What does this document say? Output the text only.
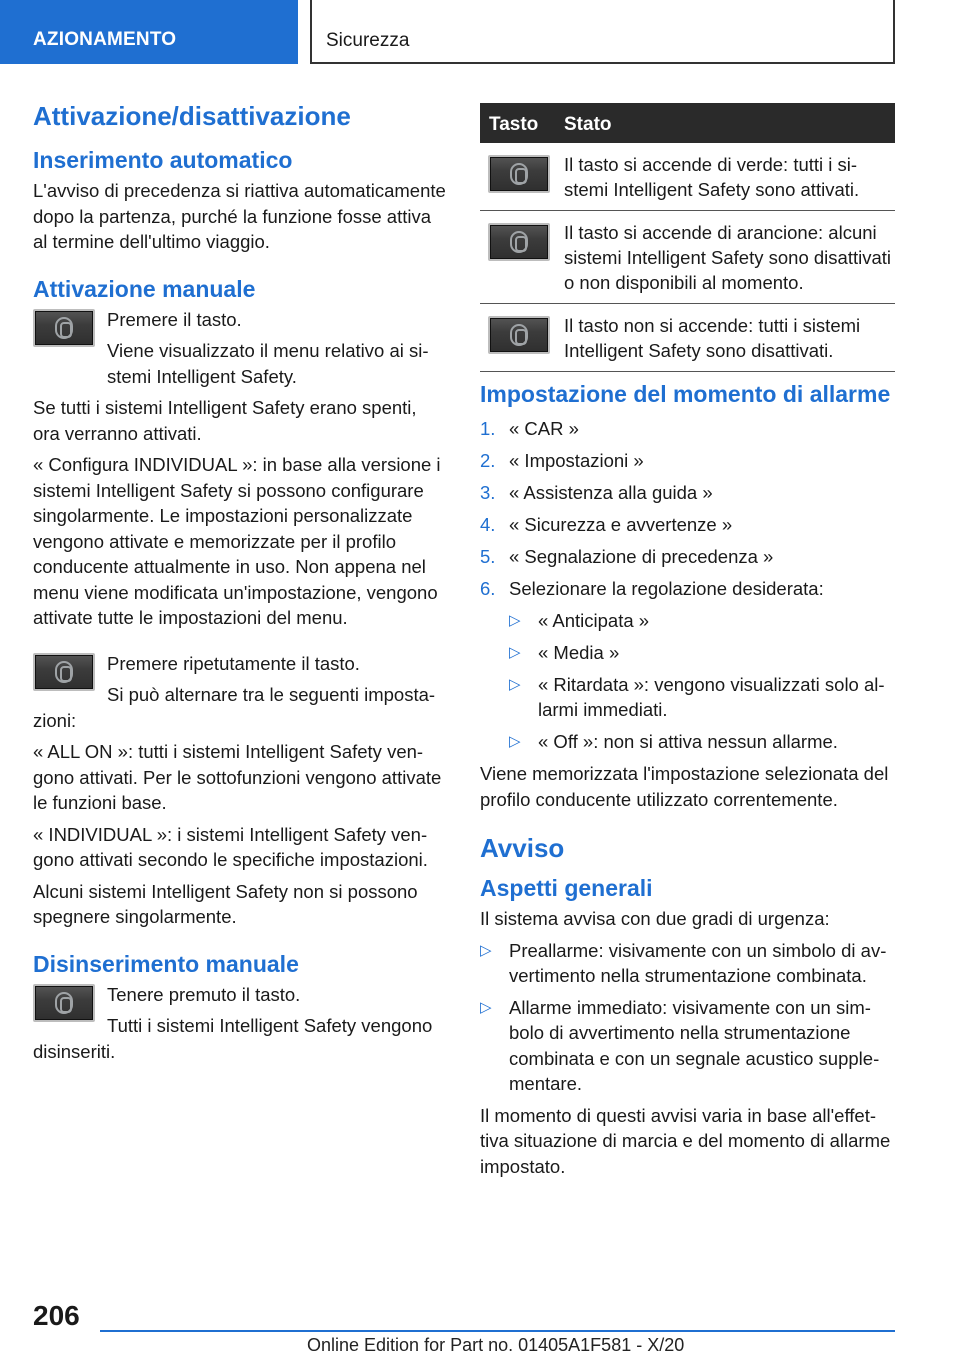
AZIONAMENTO	Sicurezza
Attivazione/disattivazione
Inserimento automatico

L'avviso di precedenza si riattiva automaticamente dopo la partenza, purché la funzione fosse attiva al termine dell'ultimo viaggio.

Attivazione manuale

Premere il tasto.

Viene visualizzato il menu relativo ai sistemi Intelligent Safety.

Se tutti i sistemi Intelligent Safety erano spenti, ora verranno attivati.

« Configura INDIVIDUAL »: in base alla versione i sistemi Intelligent Safety si possono configurare singolarmente. Le impostazioni personalizzate vengono attivate e memorizzate per il profilo conducente attualmente in uso. Non appena nel menu viene modificata un'impostazione, vengono attivate tutte le impostazioni del menu.

Premere ripetutamente il tasto.

Si può alternare tra le seguenti impostazioni:

« ALL ON »: tutti i sistemi Intelligent Safety vengono attivati. Per le sottofunzioni vengono attivate le funzioni base.

« INDIVIDUAL »: i sistemi Intelligent Safety vengono attivati secondo le specifiche impostazioni.

Alcuni sistemi Intelligent Safety non si possono spegnere singolarmente.

Disinserimento manuale

Tenere premuto il tasto.

Tutti i sistemi Intelligent Safety vengono disinseriti.

Tasto Stato
Il tasto si accende di verde: tutti i sistemi Intelligent Safety sono attivati.
Il tasto si accende di arancione: alcuni sistemi Intelligent Safety sono disattivati o non disponibili al momento.
Il tasto non si accende: tutti i sistemi Intelligent Safety sono disattivati.
Impostazione del momento di allarme
1. « CAR »
2. « Impostazioni »
3. « Assistenza alla guida »
4. « Sicurezza e avvertenze »
5. « Segnalazione di precedenza »
6. Selezionare la regolazione desiderata:
▷ « Anticipata »
▷ « Media »
▷ « Ritardata »: vengono visualizzati solo allarmi immediati.
▷ « Off »: non si attiva nessun allarme.

Viene memorizzata l'impostazione selezionata del profilo conducente utilizzato correntemente.

Avviso
Aspetti generali

Il sistema avvisa con due gradi di urgenza:

▷ Preallarme: visivamente con un simbolo di avvertimento nella strumentazione combinata.
▷ Allarme immediato: visivamente con un simbolo di avvertimento nella strumentazione combinata e con un segnale acustico supplementare.

Il momento di questi avvisi varia in base all'effettiva situazione di marcia e del momento di allarme impostato.

206
Online Edition for Part no. 01405A1F581 - X/20
